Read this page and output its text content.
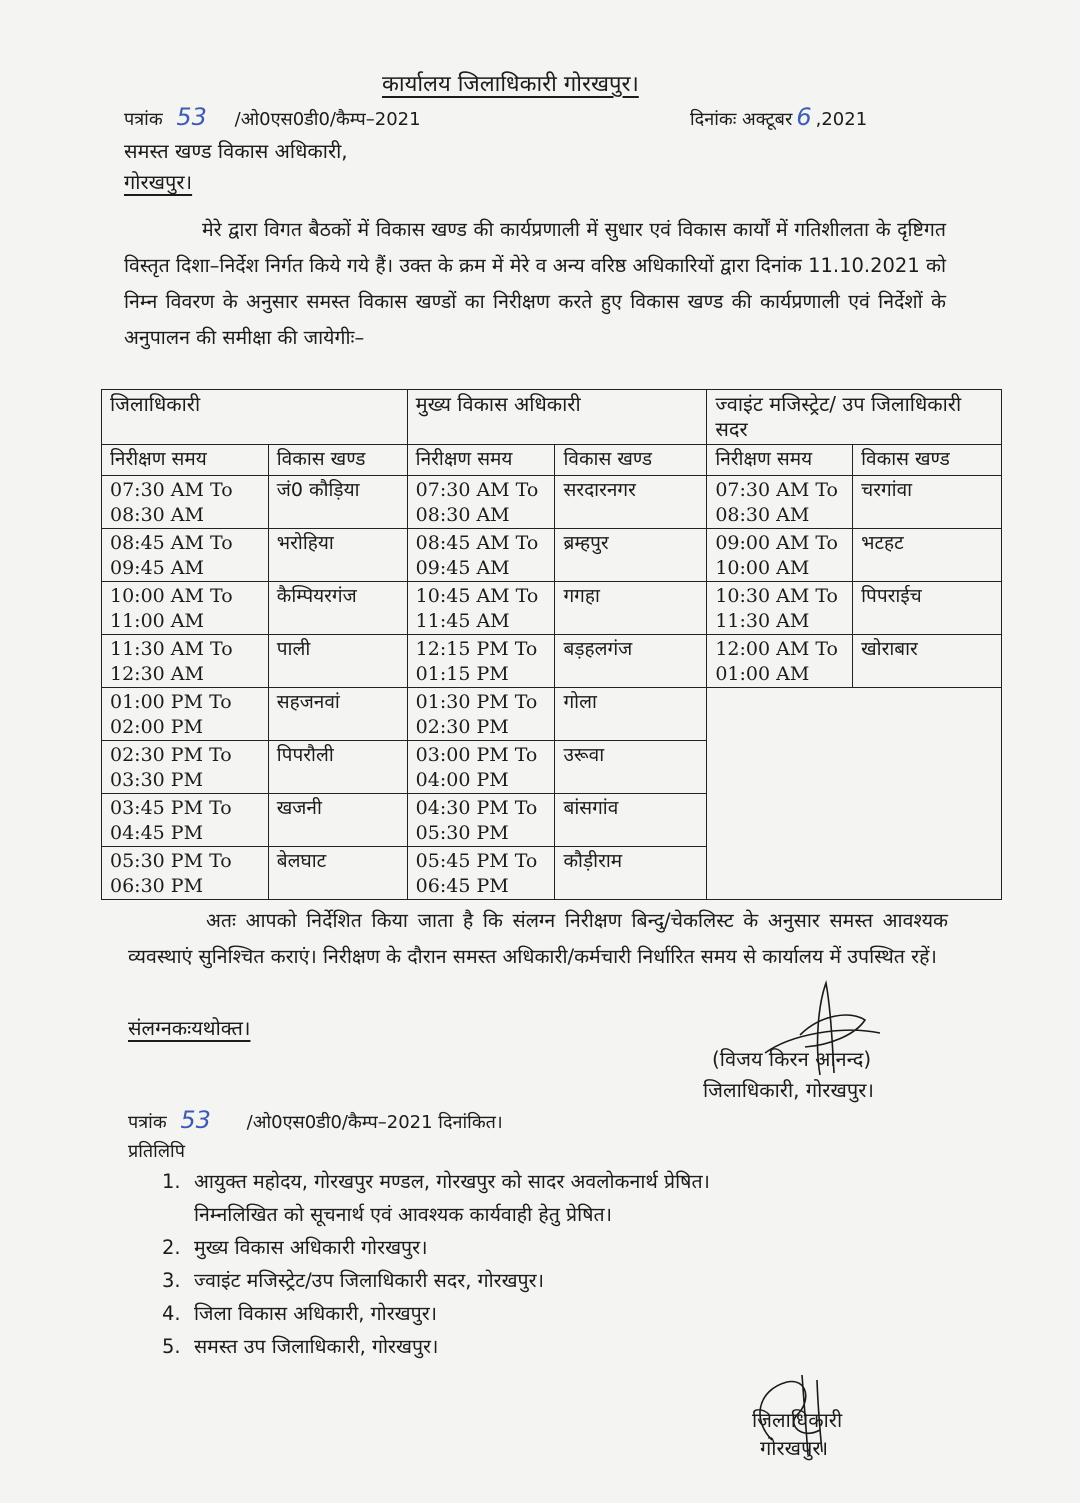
कार्यालय जिलाधिकारी गोरखपुर।
पत्रांक 53 /ओ0एस0डी0/कैम्प–2021	दिनांकः अक्टूबर 6 ,2021
समस्त खण्ड विकास अधिकारी,
गोरखपुर।

मेरे द्वारा विगत बैठकों में विकास खण्ड की कार्यप्रणाली में सुधार एवं विकास कार्यों में गतिशीलता के दृष्टिगत विस्तृत दिशा–निर्देश निर्गत किये गये हैं। उक्त के क्रम में मेरे व अन्य वरिष्ठ अधिकारियों द्वारा दिनांक 11.10.2021 को निम्न विवरण के अनुसार समस्त विकास खण्डों का निरीक्षण करते हुए विकास खण्ड की कार्यप्रणाली एवं निर्देशों के अनुपालन की समीक्षा की जायेगीः–

जिलाधिकारी		मुख्य विकास अधिकारी		ज्वाइंट मजिस्ट्रेट/ उप जिलाधिकारी सदर	
निरीक्षण समय	विकास खण्ड	निरीक्षण समय	विकास खण्ड	निरीक्षण समय	विकास खण्ड
07:30 AM To 08:30 AM	जं0 कौड़िया	07:30 AM To 08:30 AM	सरदारनगर	07:30 AM To 08:30 AM	चरगांवा
08:45 AM To 09:45 AM	भरोहिया	08:45 AM To 09:45 AM	ब्रम्हपुर	09:00 AM To 10:00 AM	भटहट
10:00 AM To 11:00 AM	कैम्पियरगंज	10:45 AM To 11:45 AM	गगहा	10:30 AM To 11:30 AM	पिपराईच
11:30 AM To 12:30 AM	पाली	12:15 PM To 01:15 PM	बड़हलगंज	12:00 AM To 01:00 AM	खोराबार
01:00 PM To 02:00 PM	सहजनवां	01:30 PM To 02:30 PM	गोला		
02:30 PM To 03:30 PM	पिपरौली	03:00 PM To 04:00 PM	उरूवा		
03:45 PM To 04:45 PM	खजनी	04:30 PM To 05:30 PM	बांसगांव		
05:30 PM To 06:30 PM	बेलघाट	05:45 PM To 06:45 PM	कौड़ीराम		

अतः आपको निर्देशित किया जाता है कि संलग्न निरीक्षण बिन्दु/चेकलिस्ट के अनुसार समस्त आवश्यक व्यवस्थाएं सुनिश्चित कराएं। निरीक्षण के दौरान समस्त अधिकारी/कर्मचारी निर्धारित समय से कार्यालय में उपस्थित रहें।

संलग्नकःयथोक्त।
(विजय किरन आनन्द)
जिलाधिकारी, गोरखपुर।
पत्रांक 53 /ओ0एस0डी0/कैम्प–2021 दिनांकित।
प्रतिलिपि
1. आयुक्त महोदय, गोरखपुर मण्डल, गोरखपुर को सादर अवलोकनार्थ प्रेषित।
निम्नलिखित को सूचनार्थ एवं आवश्यक कार्यवाही हेतु प्रेषित।
2. मुख्य विकास अधिकारी गोरखपुर।
3. ज्वाइंट मजिस्ट्रेट/उप जिलाधिकारी सदर, गोरखपुर।
4. जिला विकास अधिकारी, गोरखपुर।
5. समस्त उप जिलाधिकारी, गोरखपुर।
जिलाधिकारी
गोरखपुर।
